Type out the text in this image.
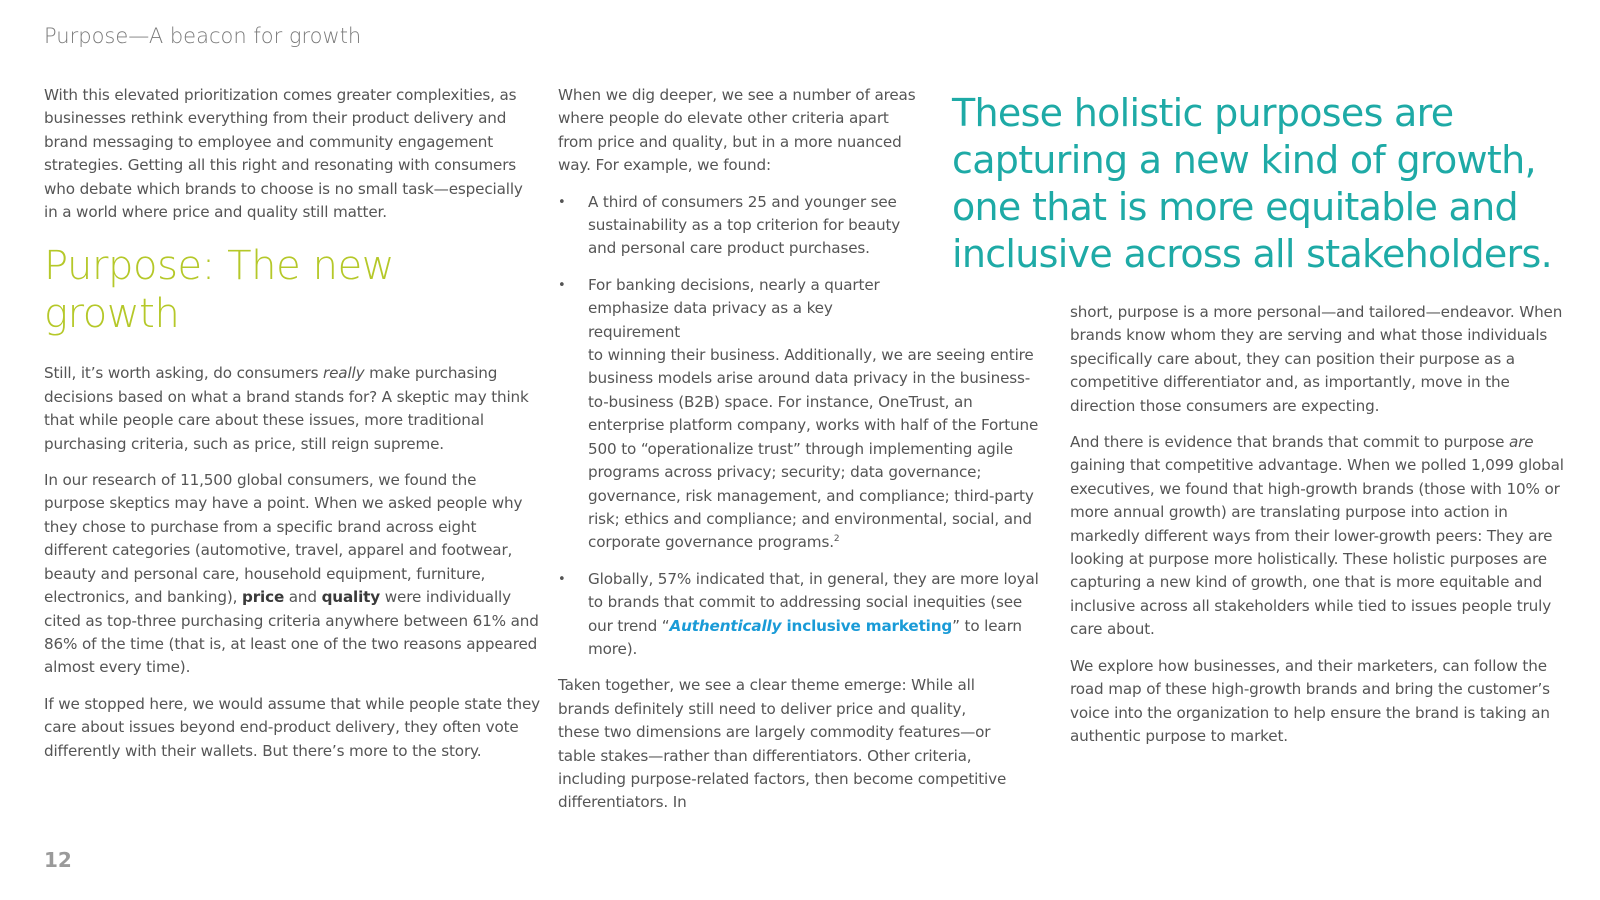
Purpose—A beacon for growth

With this elevated prioritization comes greater complexities, as businesses rethink everything from their product delivery and brand messaging to employee and community engagement strategies. Getting all this right and resonating with consumers who debate which brands to choose is no small task—especially in a world where price and quality still matter.

Purpose: The new growth

Still, it’s worth asking, do consumers really make purchasing decisions based on what a brand stands for? A skeptic may think that while people care about these issues, more traditional purchasing criteria, such as price, still reign supreme.

In our research of 11,500 global consumers, we found the purpose skeptics may have a point. When we asked people why they chose to purchase from a specific brand across eight different categories (automotive, travel, apparel and footwear, beauty and personal care, household equipment, furniture, electronics, and banking), price and quality were individually cited as top-three purchasing criteria anywhere between 61% and 86% of the time (that is, at least one of the two reasons appeared almost every time).

If we stopped here, we would assume that while people state they care about issues beyond end-product delivery, they often vote differently with their wallets. But there’s more to the story.

When we dig deeper, we see a number of areas where people do elevate other criteria apart from price and quality, but in a more nuanced way. For example, we found:

• A third of consumers 25 and younger see sustainability as a top criterion for beauty and personal care product purchases.
• For banking decisions, nearly a quarter emphasize data privacy as a key requirement
to winning their business. Additionally, we are seeing entire business models arise around data privacy in the business-to-business (B2B) space. For instance, OneTrust, an enterprise platform company, works with half of the Fortune 500 to “operationalize trust” through implementing agile programs across privacy; security; data governance; governance, risk management, and compliance; third-party risk; ethics and compliance; and environmental, social, and corporate governance programs.$^2$
• Globally, 57% indicated that, in general, they are more loyal to brands that commit to addressing social inequities (see our trend “Authentically inclusive marketing” to learn more).

Taken together, we see a clear theme emerge: While all brands definitely still need to deliver price and quality, these two dimensions are largely commodity features—or table stakes—rather than differentiators. Other criteria, including purpose-related factors, then become competitive differentiators. In

These holistic purposes are capturing a new kind of growth, one that is more equitable and inclusive across all stakeholders.

short, purpose is a more personal—and tailored—endeavor. When brands know whom they are serving and what those individuals specifically care about, they can position their purpose as a competitive differentiator and, as importantly, move in the direction those consumers are expecting.

And there is evidence that brands that commit to purpose are gaining that competitive advantage. When we polled 1,099 global executives, we found that high-growth brands (those with 10% or more annual growth) are translating purpose into action in markedly different ways from their lower-growth peers: They are looking at purpose more holistically. These holistic purposes are capturing a new kind of growth, one that is more equitable and inclusive across all stakeholders while tied to issues people truly care about.

We explore how businesses, and their marketers, can follow the road map of these high-growth brands and bring the customer’s voice into the organization to help ensure the brand is taking an authentic purpose to market.

12
